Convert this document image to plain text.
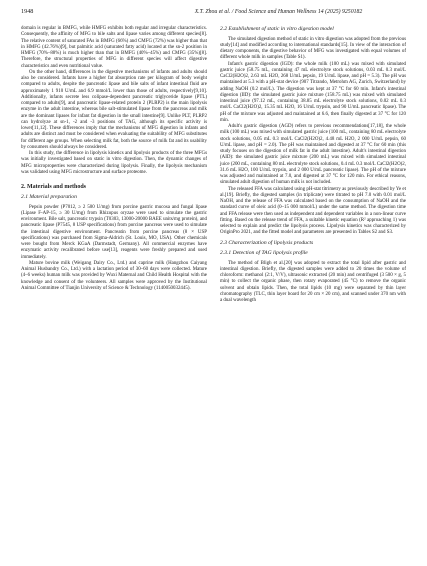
1948	X.T. Zhou et al. / Food Science and Human Wellness 14 (2025) 9250182

domain is regular in BMFG, while HMFG exhibits both regular and irregular characteristics. Consequently, the affinity of MFG to bile salts and lipase varies among different species[8]. The relative content of saturated FAs in BMFG (66%) and CMFG (72%) was higher than that in HMFG (42.76%)[9], but palmitic acid (saturated fatty acid) located at the sn-2 position in HMFG (70%–88%) is much higher than that in BMFG (40%–45%) and CMFG (35%)[8]. Therefore, the structural properties of MFG in different species will affect digestive characteristics and even nutritional value.

On the other hand, differences in the digestive mechanisms of infants and adults should also be considered. Infants have a higher fat absorption rate per kilogram of body weight compared to adults, despite the pancreatic lipase and bile salts of infant intestinal fluid are approximately 1 910 U/mL and 6.9 mmol/L lower than those of adults, respectively[9,10]. Additionally, infants secrete less colipase-dependent pancreatic triglyceride lipase (PTL) compared to adults[9], and pancreatic lipase-related protein 2 (PLRP2) is the main lipolysis enzyme in the adult intestine, whereas bile salt-stimulated lipase from the pancreas and milk are the dominant lipases for infant fat digestion in the small intestine[9]. Unlike PLT, PLRP2 can hydrolyze at sn-1, -2 and -3 positions of TAG, although its specific activity is lower[11,12]. These differences imply that the mechanisms of MFG digestion in infants and adults are distinct and must be considered when evaluating the suitability of MFG substitutes for different age groups. When selecting milk fat, both the source of milk fat and its usability by consumers should always be considered.

In this study, the difference in lipolysis kinetics and lipolysis products of the three MFGs was initially investigated based on static in vitro digestion. Then, the dynamic changes of MFG microproperties were characterized during lipolysis. Finally, the lipolysis mechanism was validated using MFG microstructure and surface proteome.

2. Materials and methods
2.1 Material preparation

Pepsin powder (P7012, ≥ 2 500 U/mg) from porcine gastric mucosa and fungal lipase (Lipase F-AP-15, ≥ 30 U/mg) from Rhizopus oryzae were used to simulate the gastric environment. Bile salt, pancreatic trypsin (T0303, 13000-20000 BAEE units/mg protein), and pancreatic lipase (P7545, 8 USP specifications) from porcine pancreas were used to simulate the intestinal digestive environment. Pancreatin from porcine pancreas (8 × USP specifications) was purchased from Sigma-Aldrich (St. Louis, MO, USA). Other chemicals were bought from Merck KGaA (Darmstadt, Germany). All commercial enzymes have enzymatic activity recalibrated before use[13], reagents were freshly prepared and used immediately.

Mature bovine milk (Weigang Dairy Co., Ltd.) and caprine milk (Hangzhou Caiyang Animal Husbandry Co., Ltd.) with a lactation period of 30–60 days were collected. Mature (4–6 weeks) human milk was provided by Wuxi Maternal and Child Health Hospital with the knowledge and consent of the volunteers. All samples were approved by the Institutional Animal Committee of Tianjin University of Science & Technology (1140050032445).

2.2 Establishment of static in vitro digestion model

The simulated digestion method of static in vitro digestion was adopted from the previous study[14] and modified according to international standards[15]. In view of the interaction of dietary components, the digestive behavior of MFG was investigated with equal volumes of different whole milk in samples (Table S1).

Infant's gastric digestion (IGD): the whole milk (100 mL) was mixed with simulated gastric juice (58.75 mL, containing 47 mL electrolyte stock solutions, 0.03 mL 0.3 mol/L CaCl2(H2O)2, 2.63 mL H2O, 268 U/mL pepsin, 19 U/mL lipase, and pH = 5.3). The pH was maintained at 5.3 with a pH-stat device (907 Titrando, Metrohm AG, Zurich, Switzerland) by adding NaOH (0.2 mol/L). The digestion was kept at 37 °C for 60 min. Infant's intestinal digestion (IID): the simulated gastric juice mixture (158.75 mL) was mixed with simulated intestinal juice (97.12 mL, containing 38.85 mL electrolyte stock solutions, 0.02 mL 0.3 mol/L CaCl2(H2O)2, 15.35 mL H2O, 16 U/mL trypsin, and 90 U/mL pancreatic lipase). The pH of the mixture was adjusted and maintained at 6.6, then finally digested at 37 °C for 120 min.

Adult's gastric digestion (AGD) refers to previous recommendations[17,18], the whole milk (100 mL) was mixed with simulated gastric juice (100 mL, containing 80 mL electrolyte stock solutions, 0.05 mL 0.3 mol/L CaCl2(H2O)2, 4.48 mL H2O, 2 000 U/mL pepsin, 60 U/mL lipase, and pH = 2.0). The pH was maintained and digested at 37 °C for 60 min (this study focuses on the digestion of milk fat in the adult intestine). Adult's intestinal digestion (AID): the simulated gastric juice mixture (200 mL) was mixed with simulated intestinal juice (200 mL, containing 80 mL electrolyte stock solutions, 0.4 mL 0.3 mol/L CaCl2(H2O)2, 31.6 mL H2O, 100 U/mL trypsin, and 2 000 U/mL pancreatic lipase). The pH of the mixture was adjusted and maintained at 7.0, and digested at 37 °C for 120 min. For ethical reasons, simulated adult digestion of human milk is not included.

The released FFA was calculated using pH-stat titrimetry as previously described by Ye et al.[19]. Briefly, the digested samples (in triplicate) were titrated to pH 7.0 with 0.01 mol/L NaOH, and the release of FFA was calculated based on the consumption of NaOH and the standard curve of oleic acid (0–15 000 mmol/L) under the same method. The digestion time and FFA release were then used as independent and dependent variables in a non-linear curve fitting. Based on the release trend of FFA, a suitable kinetic equation (R² approaching 1) was selected to explain and predict the lipolysis process. Lipolysis kinetics was characterized by OriginPro 2021, and the fitted model and parameters are presented in Tables S2 and S3.

2.3 Characterization of lipolysis products
2.3.1 Detection of TAG lipolysis profile

The method of Bligh et al.[20] was adopted to extract the total lipid after gastric and intestinal digestion. Briefly, the digested samples were added to 20 times the volume of chloroform: methanol (2:1, V/V), ultrasonic extracted (20 min) and centrifuged (3 500 × g, 5 min) to collect the organic phase, then rotary evaporated (45 °C) to remove the organic solvent and obtain lipids. Then, the total lipids (10 mg) were separated by thin layer chromatography (TLC, thin layer board for 20 cm × 20 cm), and scanned under 370 nm with a dual wavelength
